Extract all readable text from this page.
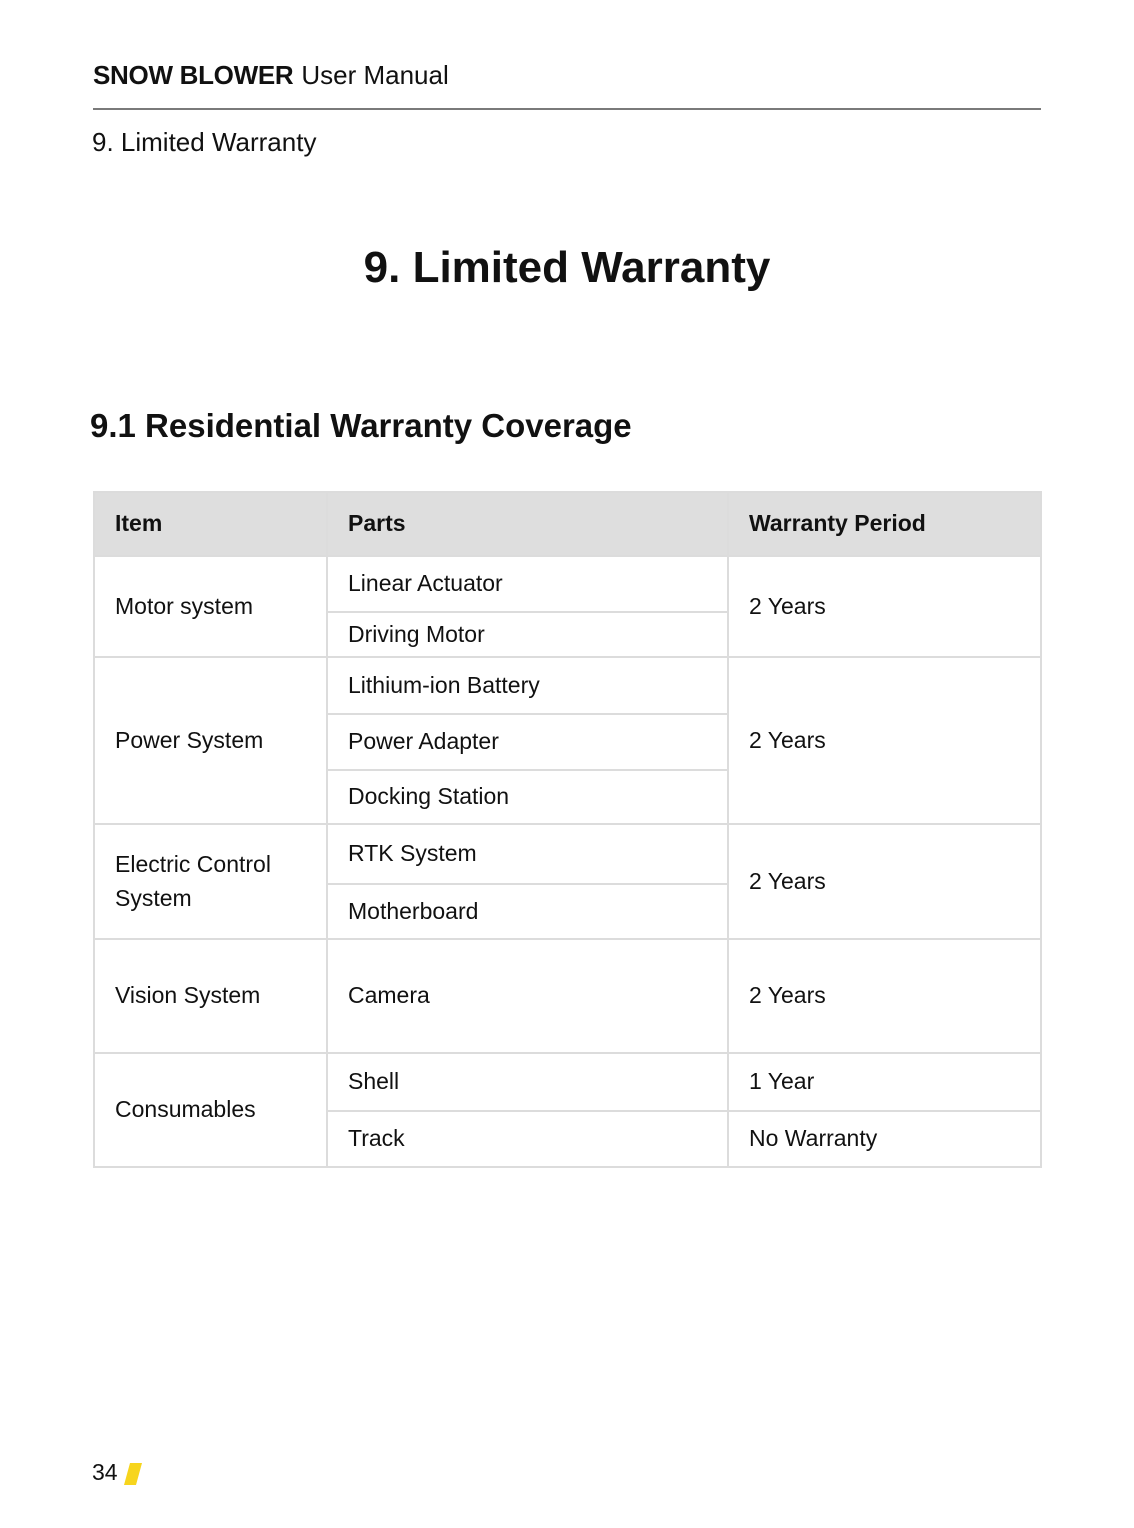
SNOW BLOWER User Manual
9. Limited Warranty
9. Limited Warranty
9.1 Residential Warranty Coverage
Item	Parts	Warranty Period
Motor system	Linear Actuator	2 Years
	Driving Motor	
Power System	Lithium-ion Battery	2 Years
	Power Adapter	
	Docking Station	
Electric Control System	RTK System	2 Years
	Motherboard	
Vision System	Camera	2 Years
Consumables	Shell	1 Year
	Track	No Warranty
34
